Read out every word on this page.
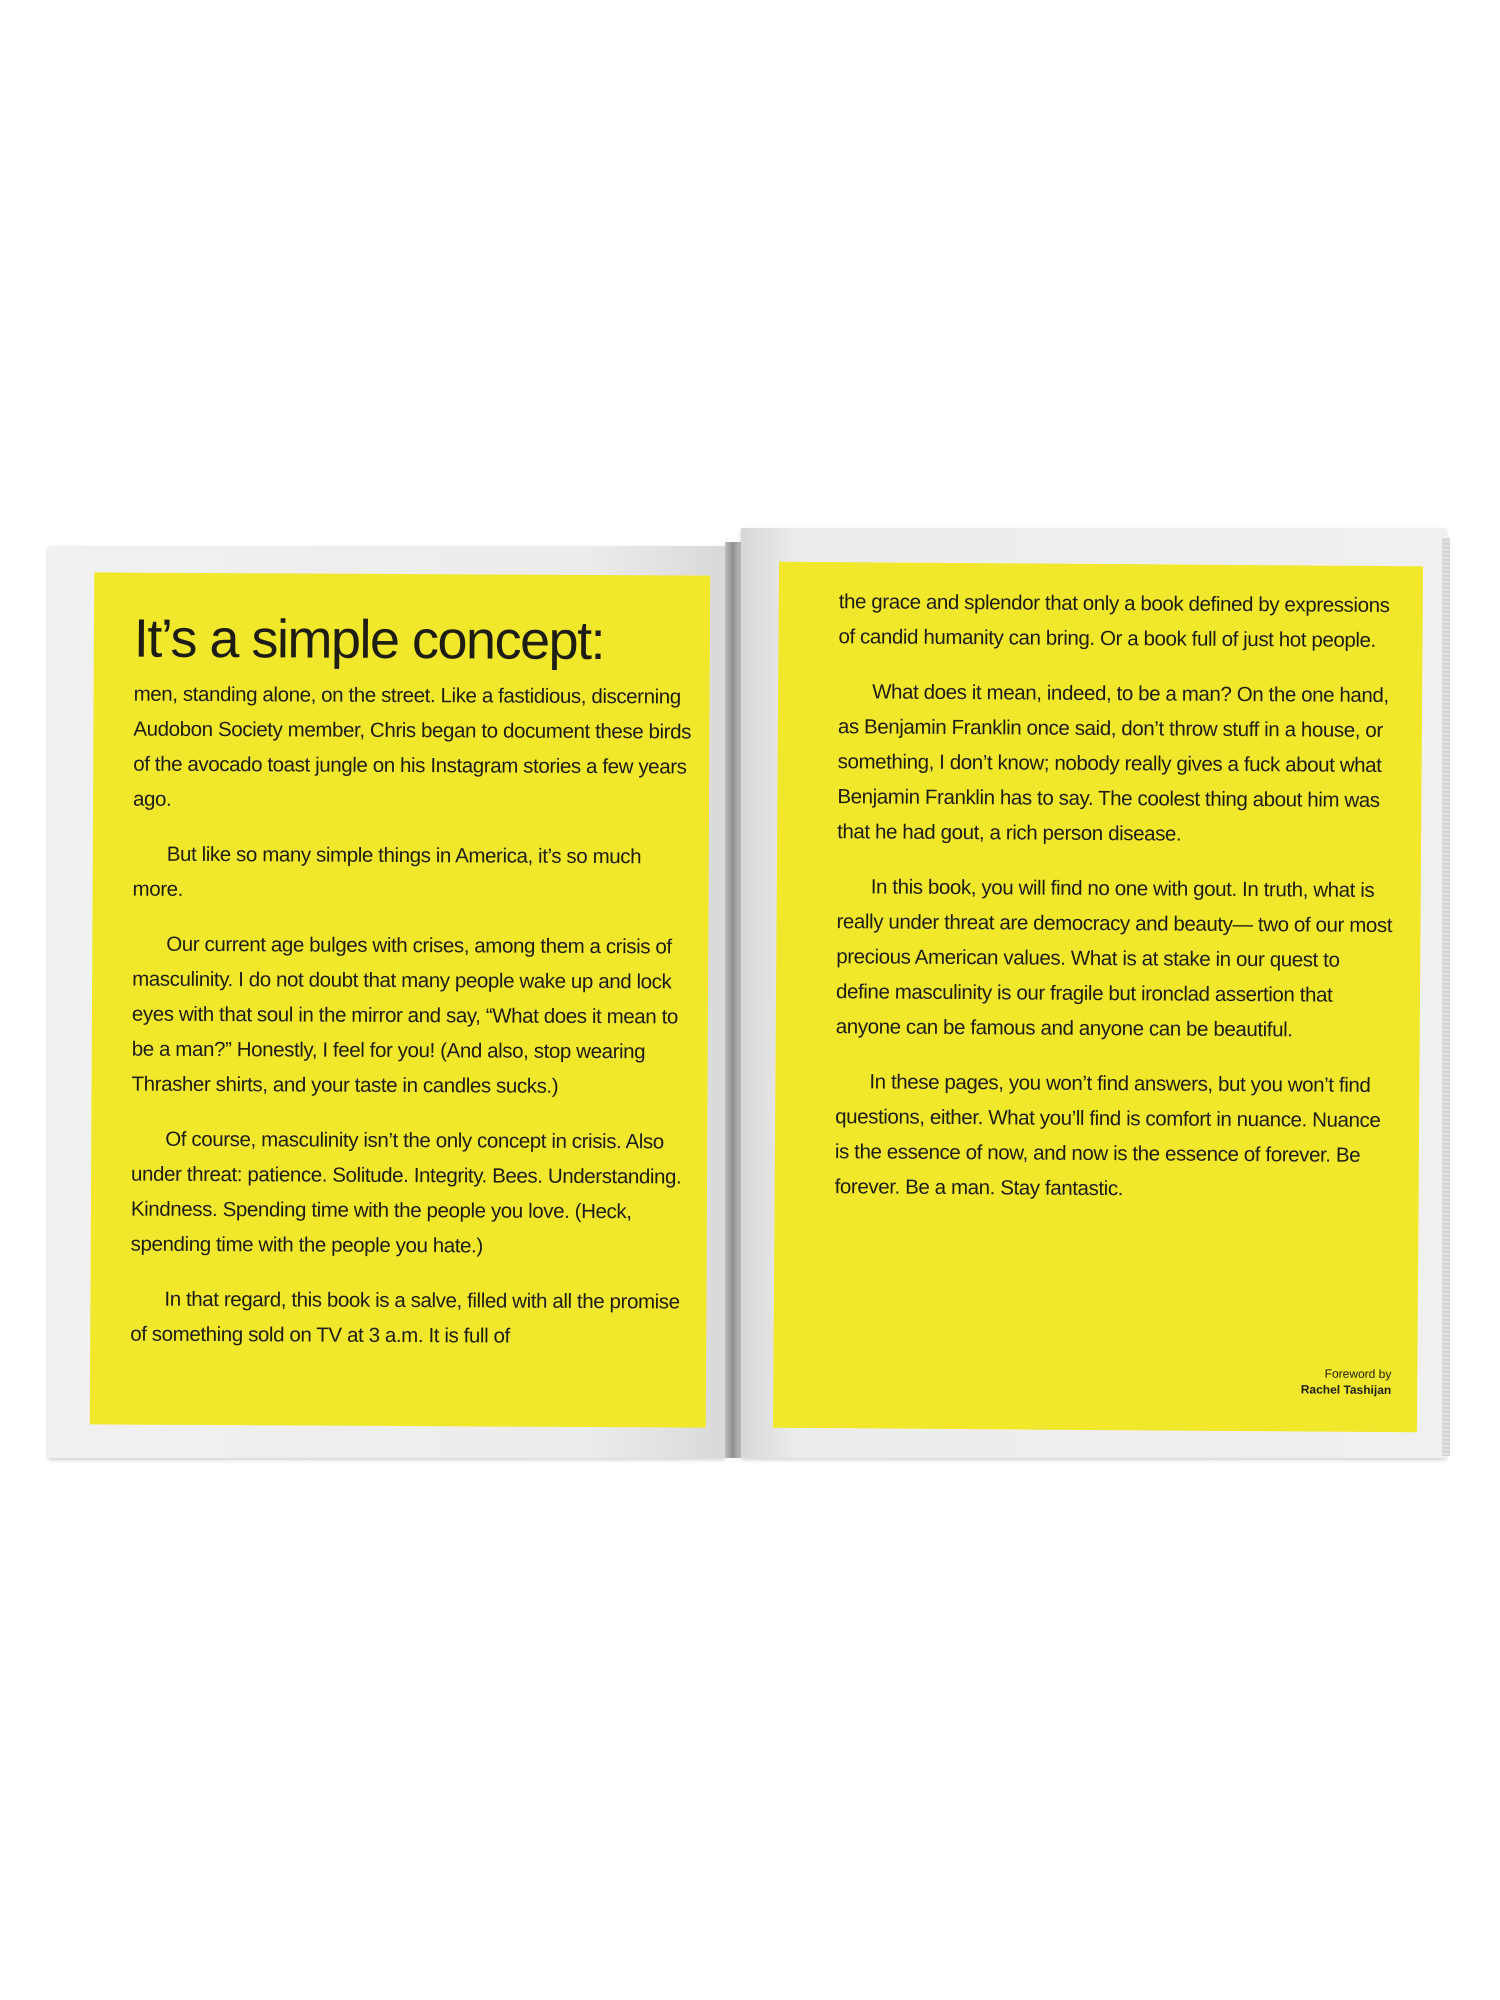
It’s a simple concept:

men, standing alone, on the street. Like a fastidious, discerning Audobon Society member, Chris began to document these birds of the avocado toast jungle on his Instagram stories a few years ago.

But like so many simple things in America, it’s so much more.

Our current age bulges with crises, among them a crisis of masculinity. I do not doubt that many people wake up and lock eyes with that soul in the mirror and say, “What does it mean to be a man?” Honestly, I feel for you! (And also, stop wearing Thrasher shirts, and your taste in candles sucks.)

Of course, masculinity isn’t the only concept in crisis. Also under threat: patience. Solitude. Integrity. Bees. Understanding. Kindness. Spending time with the people you love. (Heck, spending time with the people you hate.)

In that regard, this book is a salve, filled with all the promise of something sold on TV at 3 a.m. It is full of

the grace and splendor that only a book defined by expressions of candid humanity can bring. Or a book full of just hot people.

What does it mean, indeed, to be a man? On the one hand, as Benjamin Franklin once said, don’t throw stuff in a house, or something, I don’t know; nobody really gives a fuck about what Benjamin Franklin has to say. The coolest thing about him was that he had gout, a rich person disease.

In this book, you will find no one with gout. In truth, what is really under threat are democracy and beauty— two of our most precious American values. What is at stake in our quest to define masculinity is our fragile but ironclad assertion that anyone can be famous and anyone can be beautiful.

In these pages, you won’t find answers, but you won’t find questions, either. What you’ll find is comfort in nuance. Nuance is the essence of now, and now is the essence of forever. Be forever. Be a man. Stay fantastic.

Foreword by
Rachel Tashijan
